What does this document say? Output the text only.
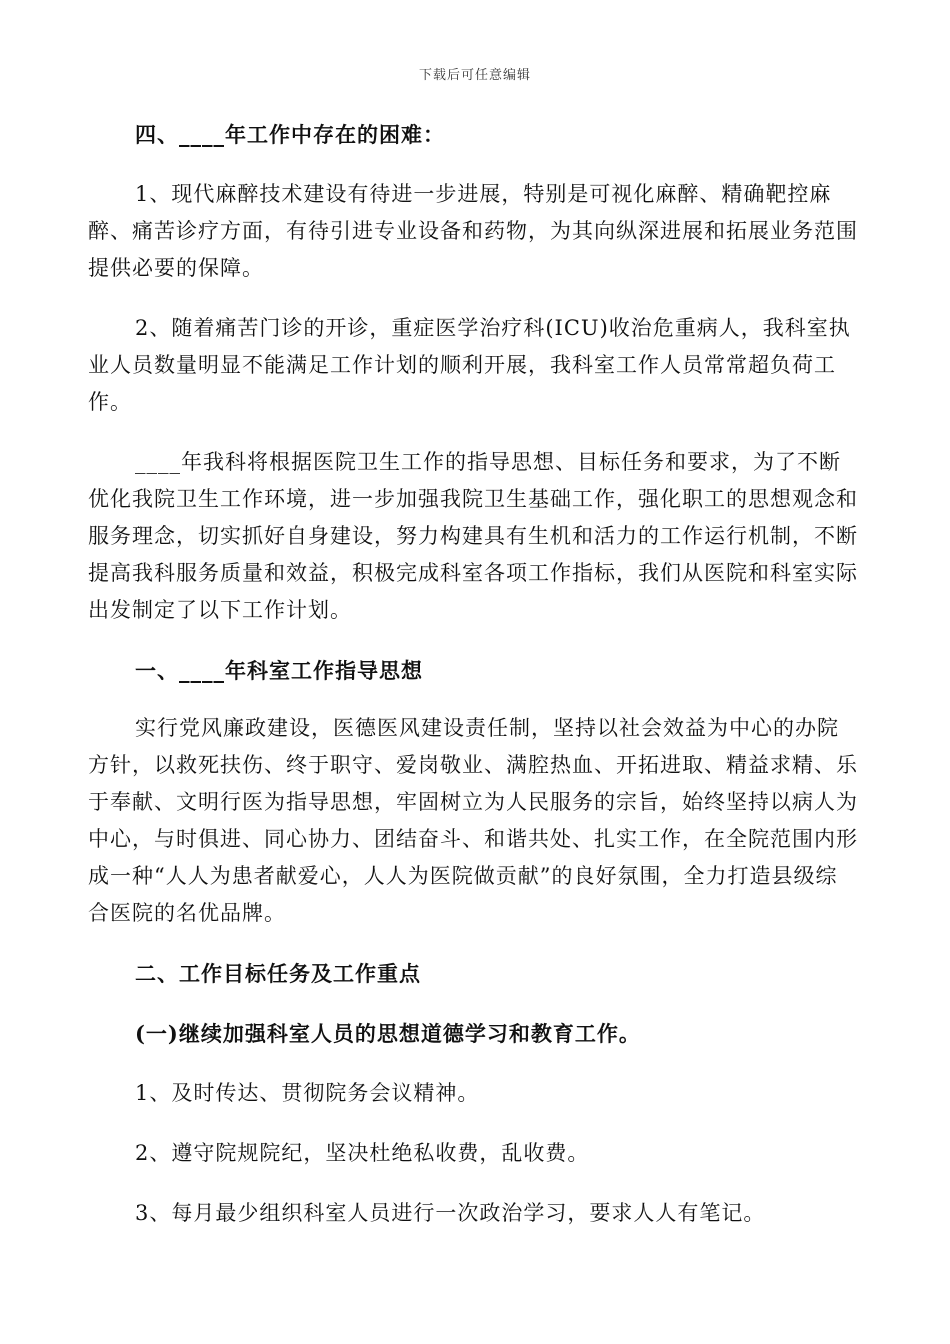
下载后可任意编辑

四、____年工作中存在的困难：

1、现代麻醉技术建设有待进一步进展，特别是可视化麻醉、精确靶控麻醉、痛苦诊疗方面，有待引进专业设备和药物，为其向纵深进展和拓展业务范围提供必要的保障。

2、随着痛苦门诊的开诊，重症医学治疗科(ICU)收治危重病人，我科室执业人员数量明显不能满足工作计划的顺利开展，我科室工作人员常常超负荷工作。

____年我科将根据医院卫生工作的指导思想、目标任务和要求，为了不断优化我院卫生工作环境，进一步加强我院卫生基础工作，强化职工的思想观念和服务理念，切实抓好自身建设，努力构建具有生机和活力的工作运行机制，不断提高我科服务质量和效益，积极完成科室各项工作指标，我们从医院和科室实际出发制定了以下工作计划。

一、____年科室工作指导思想

实行党风廉政建设，医德医风建设责任制，坚持以社会效益为中心的办院方针，以救死扶伤、终于职守、爱岗敬业、满腔热血、开拓进取、精益求精、乐于奉献、文明行医为指导思想，牢固树立为人民服务的宗旨，始终坚持以病人为中心，与时俱进、同心协力、团结奋斗、和谐共处、扎实工作，在全院范围内形成一种“人人为患者献爱心，人人为医院做贡献”的良好氛围，全力打造县级综合医院的名优品牌。

二、工作目标任务及工作重点

(一)继续加强科室人员的思想道德学习和教育工作。

1、及时传达、贯彻院务会议精神。

2、遵守院规院纪，坚决杜绝私收费，乱收费。

3、每月最少组织科室人员进行一次政治学习，要求人人有笔记。
